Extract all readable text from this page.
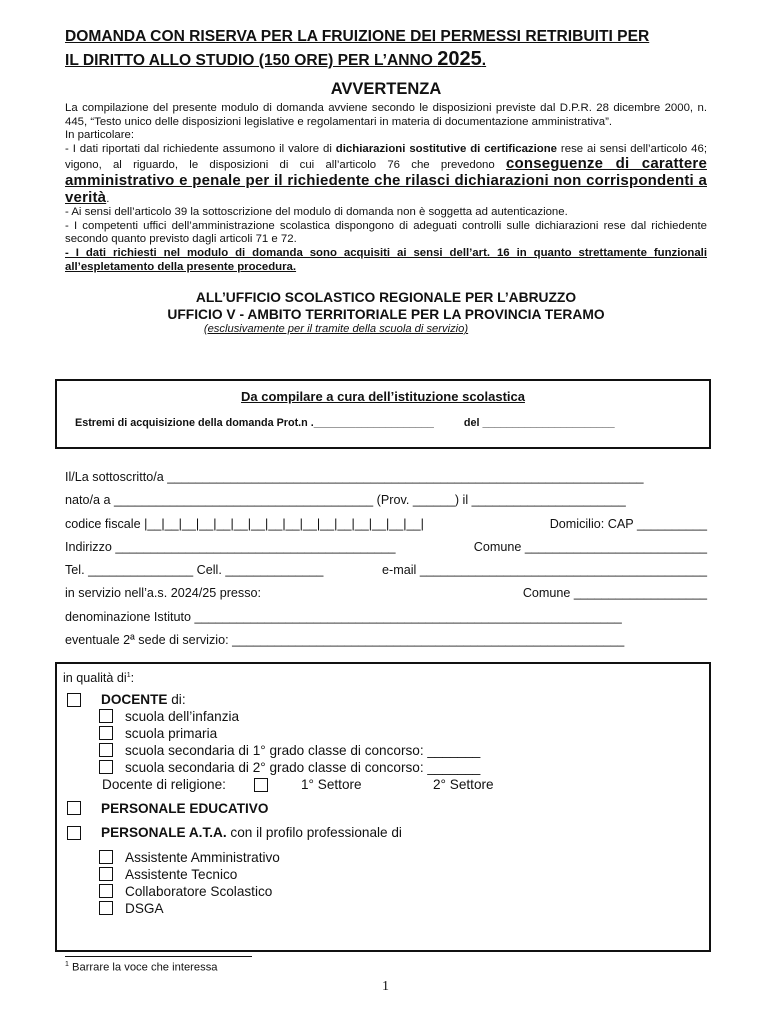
DOMANDA CON RISERVA PER LA FRUIZIONE DEI PERMESSI RETRIBUITI PER
IL DIRITTO ALLO STUDIO (150 ORE) PER L’ANNO 2025.

AVVERTENZA

La compilazione del presente modulo di domanda avviene secondo le disposizioni previste dal D.P.R. 28 dicembre 2000, n. 445, “Testo unico delle disposizioni legislative e regolamentari in materia di documentazione amministrativa”.

In particolare:

- I dati riportati dal richiedente assumono il valore di dichiarazioni sostitutive di certificazione rese ai sensi dell’articolo 46; vigono, al riguardo, le disposizioni di cui all’articolo 76 che prevedono conseguenze di carattere amministrativo e penale per il richiedente che rilasci dichiarazioni non corrispondenti a verità.

- Ai sensi dell’articolo 39 la sottoscrizione del modulo di domanda non è soggetta ad autenticazione.

- I competenti uffici dell’amministrazione scolastica dispongono di adeguati controlli sulle dichiarazioni rese dal richiedente secondo quanto previsto dagli articoli 71 e 72.

- I dati richiesti nel modulo di domanda sono acquisiti ai sensi dell’art. 16 in quanto strettamente funzionali all’espletamento della presente procedura.

ALL’UFFICIO SCOLASTICO REGIONALE PER L’ABRUZZO

UFFICIO V - AMBITO TERRITORIALE PER LA PROVINCIA TERAMO

(esclusivamente per il tramite della scuola di servizio)

Da compilare a cura dell’istituzione scolastica
Estremi di acquisizione della domanda Prot.n .____________________	del ______________________
Il/La sottoscritto/a ____________________________________________________________________
nato/a a _____________________________________ (Prov. ______) il ______________________
codice fiscale |__|__|__|__|__|__|__|__|__|__|__|__|__|__|__|__|	Domicilio: CAP __________
Indirizzo ________________________________________	Comune __________________________
Tel. _______________ Cell. ______________	e-mail _________________________________________
in servizio nell’a.s. 2024/25 presso:	Comune ___________________
denominazione Istituto _____________________________________________________________
eventuale 2ª sede di servizio: ________________________________________________________
in qualità $di^1$:
DOCENTE di:
scuola dell’infanzia
scuola primaria
scuola secondaria di 1° grado classe di concorso: _______
scuola secondaria di 2° grado classe di concorso: _______
Docente di religione:	1° Settore	2° Settore
PERSONALE EDUCATIVO
PERSONALE A.T.A. con il profilo professionale di
Assistente Amministrativo
Assistente Tecnico
Collaboratore Scolastico
DSGA
$^1$ Barrare la voce che interessa
1
